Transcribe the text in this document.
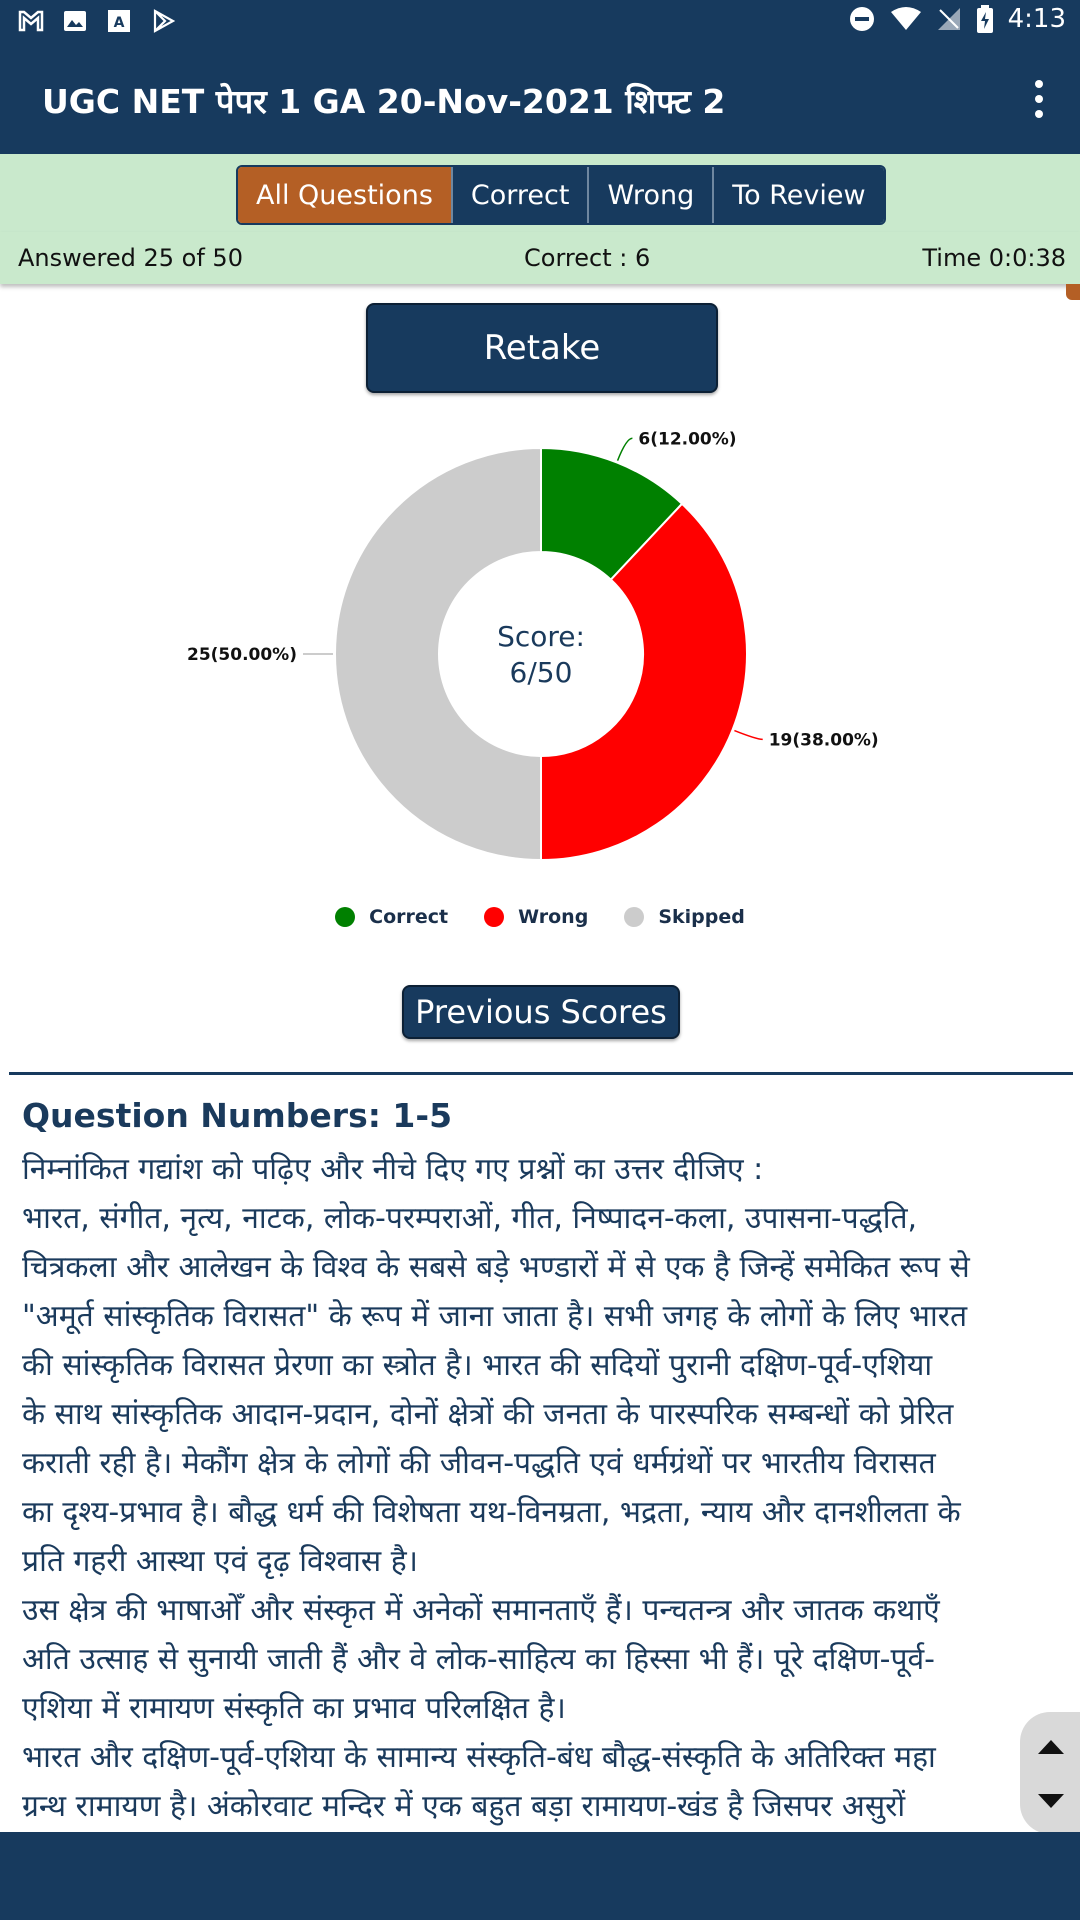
A	4:13
UGC NET पेपर 1 GA 20-Nov-2021 शिफ्ट 2
All Questions	Correct	Wrong	To Review
Answered 25 of 50	Correct : 6	Time 0:0:38
Retake
6(12.00%)
19(38.00%)
25(50.00%)
Score:
6/50
Correct	Wrong	Skipped
Previous Scores
Question Numbers: 1-5
निम्नांकित गद्यांश को पढ़िए और नीचे दिए गए प्रश्नों का उत्तर दीजिए :
भारत, संगीत, नृत्य, नाटक, लोक-परम्पराओं, गीत, निष्पादन-कला, उपासना-पद्धति,
चित्रकला और आलेखन के विश्व के सबसे बड़े भण्डारों में से एक है जिन्हें समेकित रूप से
"अमूर्त सांस्कृतिक विरासत" के रूप में जाना जाता है। सभी जगह के लोगों के लिए भारत
की सांस्कृतिक विरासत प्रेरणा का स्त्रोत है। भारत की सदियों पुरानी दक्षिण-पूर्व-एशिया
के साथ सांस्कृतिक आदान-प्रदान, दोनों क्षेत्रों की जनता के पारस्परिक सम्बन्धों को प्रेरित
कराती रही है। मेकौंग क्षेत्र के लोगों की जीवन-पद्धति एवं धर्मग्रंथों पर भारतीय विरासत
का दृश्य-प्रभाव है। बौद्ध धर्म की विशेषता यथ-विनम्रता, भद्रता, न्याय और दानशीलता के
प्रति गहरी आस्था एवं दृढ़ विश्वास है।
उस क्षेत्र की भाषाओँ और संस्कृत में अनेकों समानताएँ हैं। पन्चतन्त्र और जातक कथाएँ
अति उत्साह से सुनायी जाती हैं और वे लोक-साहित्य का हिस्सा भी हैं। पूरे दक्षिण-पूर्व-
एशिया में रामायण संस्कृति का प्रभाव परिलक्षित है।
भारत और दक्षिण-पूर्व-एशिया के सामान्य संस्कृति-बंध बौद्ध-संस्कृति के अतिरिक्त महा
ग्रन्थ रामायण है। अंकोरवाट मन्दिर में एक बहुत बड़ा रामायण-खंड है जिसपर असुरों
